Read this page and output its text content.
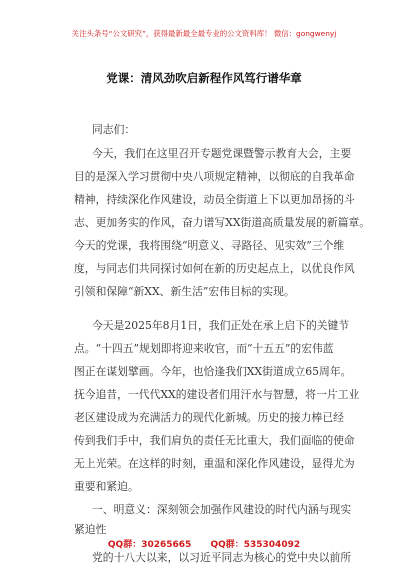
关注头条号“公文研究”，获得最新最全最专业的公文资料库！ 微信：gongwenyj
党课：清风劲吹启新程作风笃行谱华章
同志们：
今天，我们在这里召开专题党课暨警示教育大会，主要
目的是深入学习贯彻中央八项规定精神，以彻底的自我革命
精神，持续深化作风建设，动员全街道上下以更加昂扬的斗
志、更加务实的作风，奋力谱写XX街道高质量发展的新篇章。
今天的党课，我将围绕“明意义、寻路径、见实效”三个维
度，与同志们共同探讨如何在新的历史起点上，以优良作风
引领和保障“新XX、新生活”宏伟目标的实现。
今天是2025年8月1日，我们正处在承上启下的关键节
点。“十四五”规划即将迎来收官，而“十五五”的宏伟蓝
图正在谋划擘画。今年，也恰逢我们XX街道成立65周年。
抚今追昔，一代代XX的建设者们用汗水与智慧，将一片工业
老区建设成为充满活力的现代化新城。历史的接力棒已经
传到我们手中，我们肩负的责任无比重大，我们面临的使命
无上光荣。在这样的时刻，重温和深化作风建设，显得尤为
重要和紧迫。
一、明意义：深刻领会加强作风建设的时代内涵与现实
紧迫性
党的十八大以来，以习近平同志为核心的党中央以前所
QQ群：30265665 QQ群：535304092
